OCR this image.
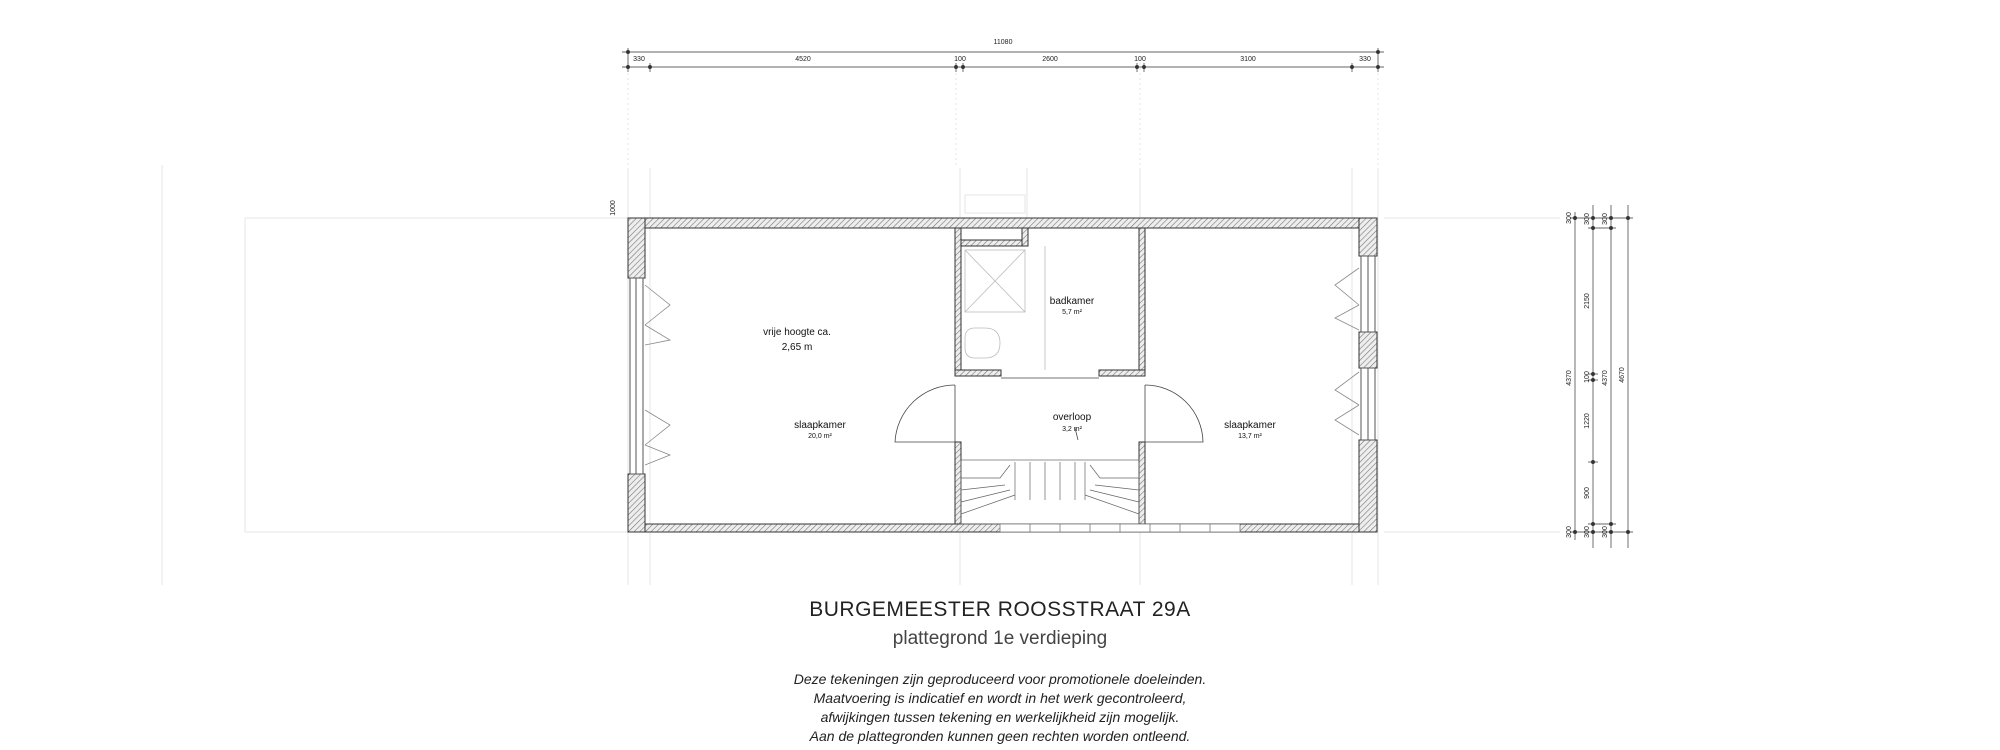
11080
330	4520	100	2600	100	3100	330
1000
300
4370
300
300
2150
100
1220
900
300
300
4370
300
4670
vrije hoogte ca.
2,65 m
slaapkamer
20,0 m²
badkamer
5,7 m²
overloop
3,2 m²	slaapkamer
13,7 m²
BURGEMEESTER ROOSSTRAAT 29A
plattegrond 1e verdieping
Deze tekeningen zijn geproduceerd voor promotionele doeleinden.
Maatvoering is indicatief en wordt in het werk gecontroleerd,
afwijkingen tussen tekening en werkelijkheid zijn mogelijk.
Aan de plattegronden kunnen geen rechten worden ontleend.
